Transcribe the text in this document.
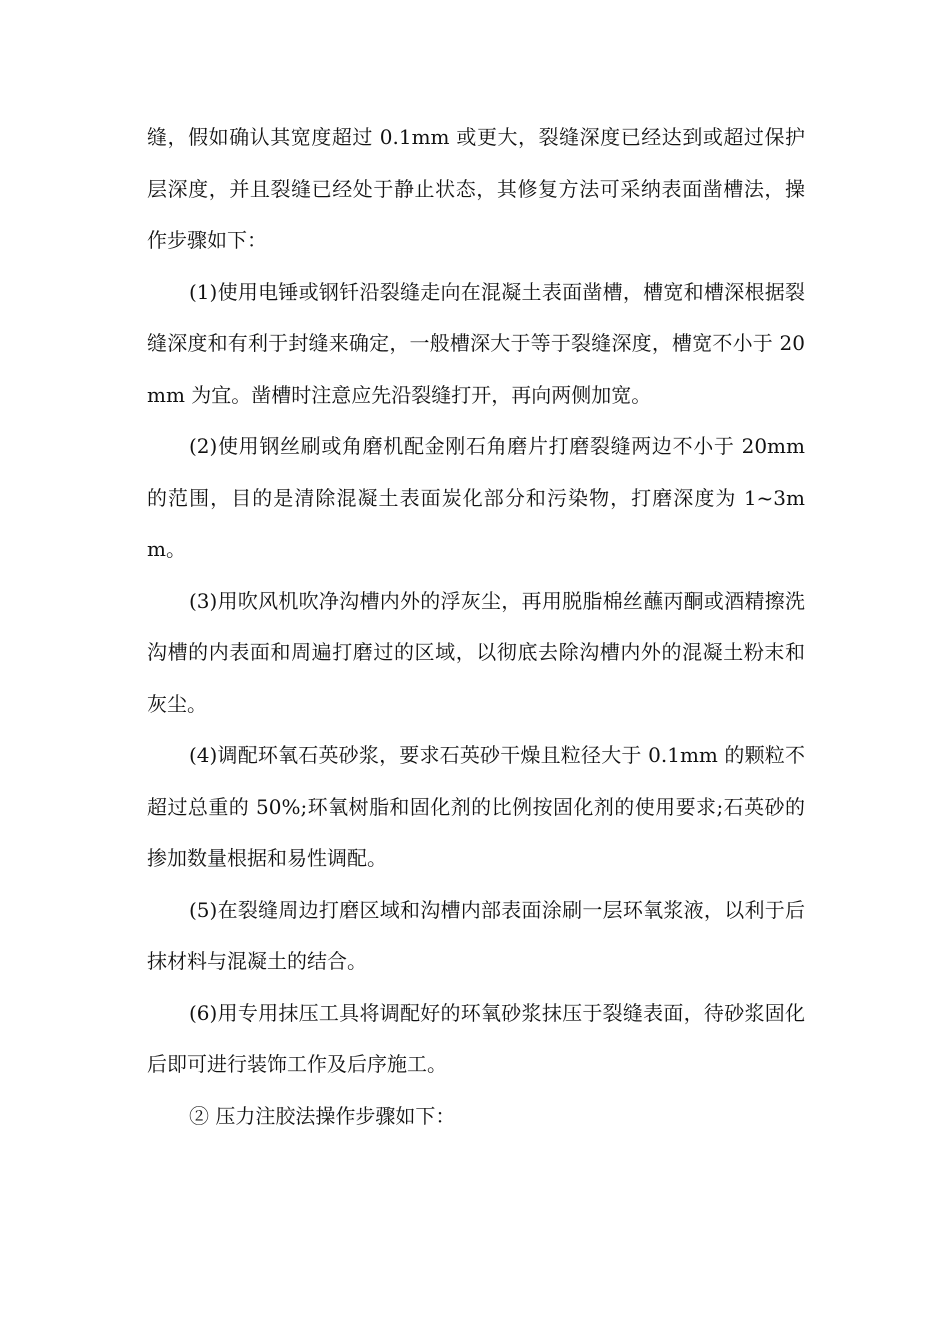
缝，假如确认其宽度超过 0.1mm 或更大，裂缝深度已经达到或超过保护层深度，并且裂缝已经处于静止状态，其修复方法可采纳表面凿槽法，操作步骤如下：

(1)使用电锤或钢钎沿裂缝走向在混凝土表面凿槽，槽宽和槽深根据裂缝深度和有利于封缝来确定，一般槽深大于等于裂缝深度，槽宽不小于 20mm 为宜。凿槽时注意应先沿裂缝打开，再向两侧加宽。

(2)使用钢丝刷或角磨机配金刚石角磨片打磨裂缝两边不小于 20mm 的范围，目的是清除混凝土表面炭化部分和污染物，打磨深度为 1~3mm。

(3)用吹风机吹净沟槽内外的浮灰尘，再用脱脂棉丝蘸丙酮或酒精擦洗沟槽的内表面和周遍打磨过的区域，以彻底去除沟槽内外的混凝土粉末和灰尘。

(4)调配环氧石英砂浆，要求石英砂干燥且粒径大于 0.1mm 的颗粒不超过总重的 50%;环氧树脂和固化剂的比例按固化剂的使用要求;石英砂的掺加数量根据和易性调配。

(5)在裂缝周边打磨区域和沟槽内部表面涂刷一层环氧浆液，以利于后抹材料与混凝土的结合。

(6)用专用抹压工具将调配好的环氧砂浆抹压于裂缝表面，待砂浆固化后即可进行装饰工作及后序施工。

② 压力注胶法操作步骤如下：
